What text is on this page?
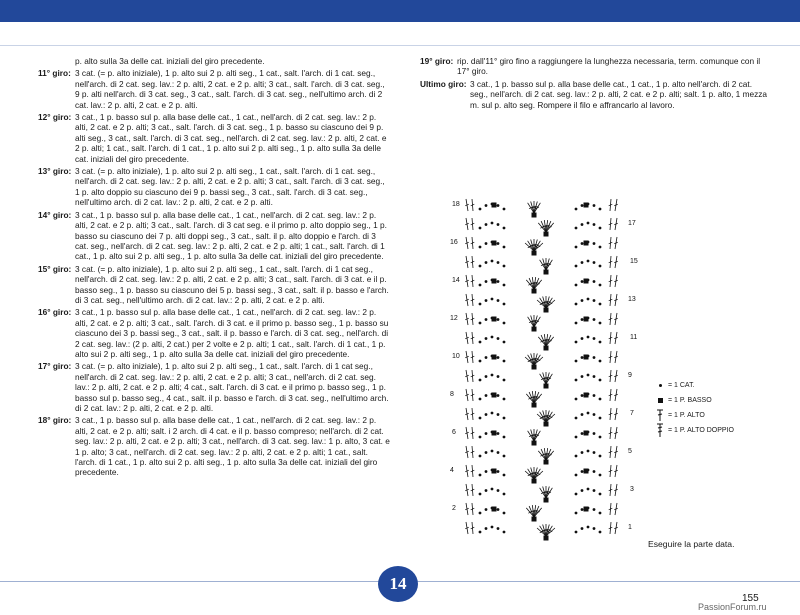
p. alto sulla 3a delle cat. iniziali del giro precedente.
11° giro: 3 cat. (= p. alto iniziale), 1 p. alto sui 2 p. alti seg., 1 cat., salt. l'arch. di 1 cat. seg., nell'arch. di 2 cat. seg. lav.: 2 p. alti, 2 cat. e 2 p. alti; 3 cat., salt. l'arch. di 3 cat. seg., 9 p. alti nell'arch. di 3 cat. seg., 3 cat., salt. l'arch. di 3 cat. seg., nell'ultimo arch. di 2 cat. lav.: 2 p. alti, 2 cat. e 2 p. alti.
12° giro: 3 cat., 1 p. basso sul p. alla base delle cat., 1 cat., nell'arch. di 2 cat. seg. lav.: 2 p. alti, 2 cat. e 2 p. alti; 3 cat., salt. l'arch. di 3 cat. seg., 1 p. basso su ciascuno dei 9 p. alti seg., 3 cat., salt. l'arch. di 3 cat. seg., nell'arch. di 2 cat. seg. lav.: 2 p. alti, 2 cat. e 2 p. alti; 1 cat., salt. l'arch. di 1 cat., 1 p. alto sui 2 p. alti seg., 1 p. alto sulla 3a delle cat. iniziali del giro precedente.
13° giro: 3 cat. (= p. alto iniziale), 1 p. alto sui 2 p. alti seg., 1 cat., salt. l'arch. di 1 cat. seg., nell'arch. di 2 cat. seg. lav.: 2 p. alti, 2 cat. e 2 p. alti; 3 cat., salt. l'arch. di 3 cat. seg., 1 p. alto doppio su ciascuno dei 9 p. bassi seg., 3 cat., salt. l'arch. di 3 cat. seg., nell'ultimo arch. di 2 cat. lav.: 2 p. alti, 2 cat. e 2 p. alti.
14° giro: 3 cat., 1 p. basso sul p. alla base delle cat., 1 cat., nell'arch. di 2 cat. seg. lav.: 2 p. alti, 2 cat. e 2 p. alti; 3 cat., salt. l'arch. di 3 cat seg. e il primo p. alto doppio seg., 1 p. basso su ciascuno dei 7 p. alti doppi seg., 3 cat., salt. il p. alto doppio e l'arch. di 3 cat. seg., nell'arch. di 2 cat. seg. lav.: 2 p. alti, 2 cat. e 2 p. alti; 1 cat., salt. l'arch. di 1 cat., 1 p. alto sui 2 p. alti seg., 1 p. alto sulla 3a delle cat. iniziali del giro precedente.
15° giro: 3 cat. (= p. alto iniziale), 1 p. alto sui 2 p. alti seg., 1 cat., salt. l'arch. di 1 cat seg., nell'arch. di 2 cat. seg. lav.: 2 p. alti, 2 cat. e 2 p. alti; 3 cat., salt. l'arch. di 3 cat. e il p. basso seg., 1 p. basso su ciascuno dei 5 p. bassi seg., 3 cat., salt. il p. basso e l'arch. di 3 cat. seg., nell'ultimo arch. di 2 cat. lav.: 2 p. alti, 2 cat. e 2 p. alti.
16° giro: 3 cat., 1 p. basso sul p. alla base delle cat., 1 cat., nell'arch. di 2 cat. seg. lav.: 2 p. alti, 2 cat. e 2 p. alti; 3 cat., salt. l'arch. di 3 cat. e il primo p. basso seg., 1 p. basso su ciascuno dei 3 p. bassi seg., 3 cat., salt. il p. basso e l'arch. di 3 cat. seg., nell'arch. di 2 cat. seg. lav.: (2 p. alti, 2 cat.) per 2 volte e 2 p. alti; 1 cat., salt. l'arch. di 1 cat., 1 p. alto sui 2 p. alti seg., 1 p. alto sulla 3a delle cat. iniziali del giro precedente.
17° giro: 3 cat. (= p. alto iniziale), 1 p. alto sui 2 p. alti seg., 1 cat., salt. l'arch. di 1 cat seg., nell'arch. di 2 cat. seg. lav.: 2 p. alti, 2 cat. e 2 p. alti; 3 cat., nell'arch. di 2 cat. seg. lav.: 2 p. alti, 2 cat. e 2 p. alti; 4 cat., salt. l'arch. di 3 cat. e il primo p. basso seg., 1 p. basso sul p. basso seg., 4 cat., salt. il p. basso e l'arch. di 3 cat. seg., nell'ultimo arch. di 2 cat. lav.: 2 p. alti, 2 cat. e 2 p. alti.
18° giro: 3 cat., 1 p. basso sul p. alla base delle cat., 1 cat., nell'arch. di 2 cat. seg. lav.: 2 p. alti, 2 cat. e 2 p. alti; salt. i 2 arch. di 4 cat. e il p. basso compreso; nell'arch. di 2 cat. seg. lav.: 2 p. alti, 2 cat. e 2 p. alti; 3 cat., nell'arch. di 3 cat. seg. lav.: 1 p. alto, 3 cat. e 1 p. alto; 3 cat., nell'arch. di 2 cat. seg. lav.: 2 p. alti, 2 cat. e 2 p. alti; 1 cat., salt. l'arch. di 1 cat., 1 p. alto sui 2 p. alti seg., 1 p. alto sulla 3a delle cat. iniziali del giro precedente.
19° giro: rip. dall'11° giro fino a raggiungere la lunghezza necessaria, term. comunque con il 17° giro.
Ultimo giro: 3 cat., 1 p. basso sul p. alla base delle cat., 1 cat., 1 p. alto nell'arch. di 2 cat. seg., nell'arch. di 2 cat. seg. lav.: 2 p. alti, 2 cat. e 2 p. alti; salt. 1 p. alto, 1 mezza m. sul p. alto seg. Rompere il filo e affrancarlo al lavoro.
18
16
14
12
10
8
6
4
2
17
15
13
11
9
7
5
3
1
= 1 CAT.
= 1 P. BASSO
= 1 P. ALTO
= 1 P. ALTO DOPPIO
Eseguire la parte data.
14
155
PassionForum.ru
